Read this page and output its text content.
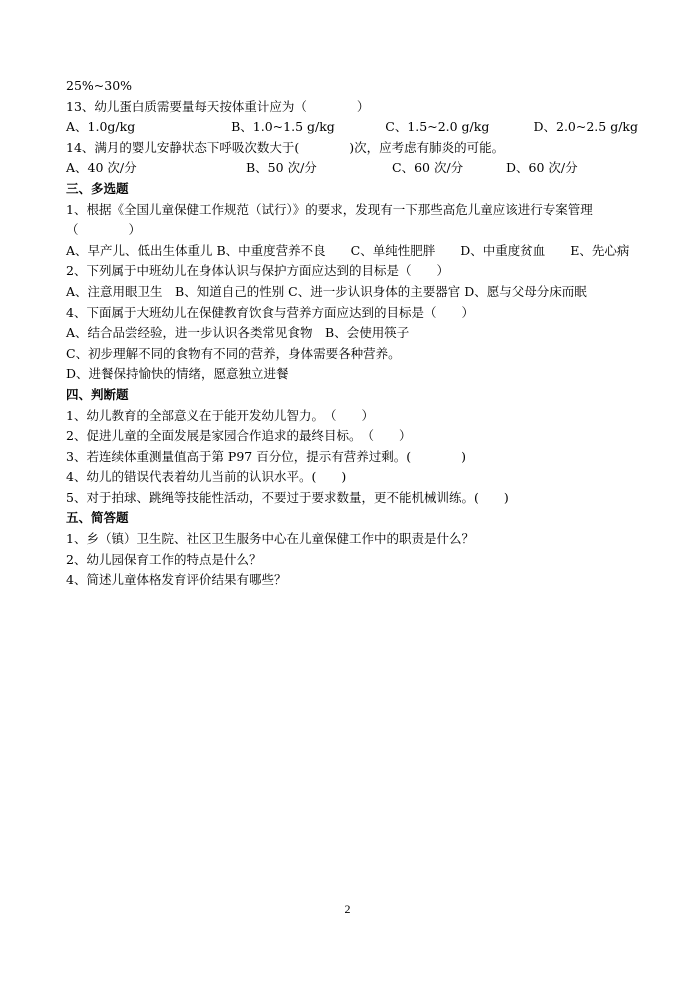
25%~30%
13、幼儿蛋白质需要量每天按体重计应为（　　　　）
A、1.0g/kg	B、1.0~1.5 g/kg	C、1.5~2.0 g/kg	D、2.0~2.5 g/kg
14、满月的婴儿安静状态下呼吸次数大于(　　　　)次，应考虑有肺炎的可能。
A、40 次/分	B、50 次/分	C、60 次/分	D、60 次/分
三、多选题
1、根据《全国儿童保健工作规范（试行）》的要求，发现有一下那些高危儿童应该进行专案管理（　　　　）
A、早产儿、低出生体重儿 B、中重度营养不良　　C、单纯性肥胖　　D、中重度贫血　　E、先心病
2、下列属于中班幼儿在身体认识与保护方面应达到的目标是（　　）
A、注意用眼卫生　B、知道自己的性别 C、进一步认识身体的主要器官 D、愿与父母分床而眠
4、下面属于大班幼儿在保健教育饮食与营养方面应达到的目标是（　　）
A、结合品尝经验，进一步认识各类常见食物　B、会使用筷子
C、初步理解不同的食物有不同的营养，身体需要各种营养。
D、进餐保持愉快的情绪，愿意独立进餐
四、判断题
1、幼儿教育的全部意义在于能开发幼儿智力。　（　　）
2、促进儿童的全面发展是家园合作追求的最终目标。　（　　）
3、若连续体重测量值高于第 P97 百分位，提示有营养过剩。(　　　　)
4、幼儿的错误代表着幼儿当前的认识水平。(　　)
5、对于拍球、跳绳等技能性活动，不要过于要求数量，更不能机械训练。(　　)
五、简答题
1、乡（镇）卫生院、社区卫生服务中心在儿童保健工作中的职责是什么？
2、幼儿园保育工作的特点是什么？
4、简述儿童体格发育评价结果有哪些？
2
